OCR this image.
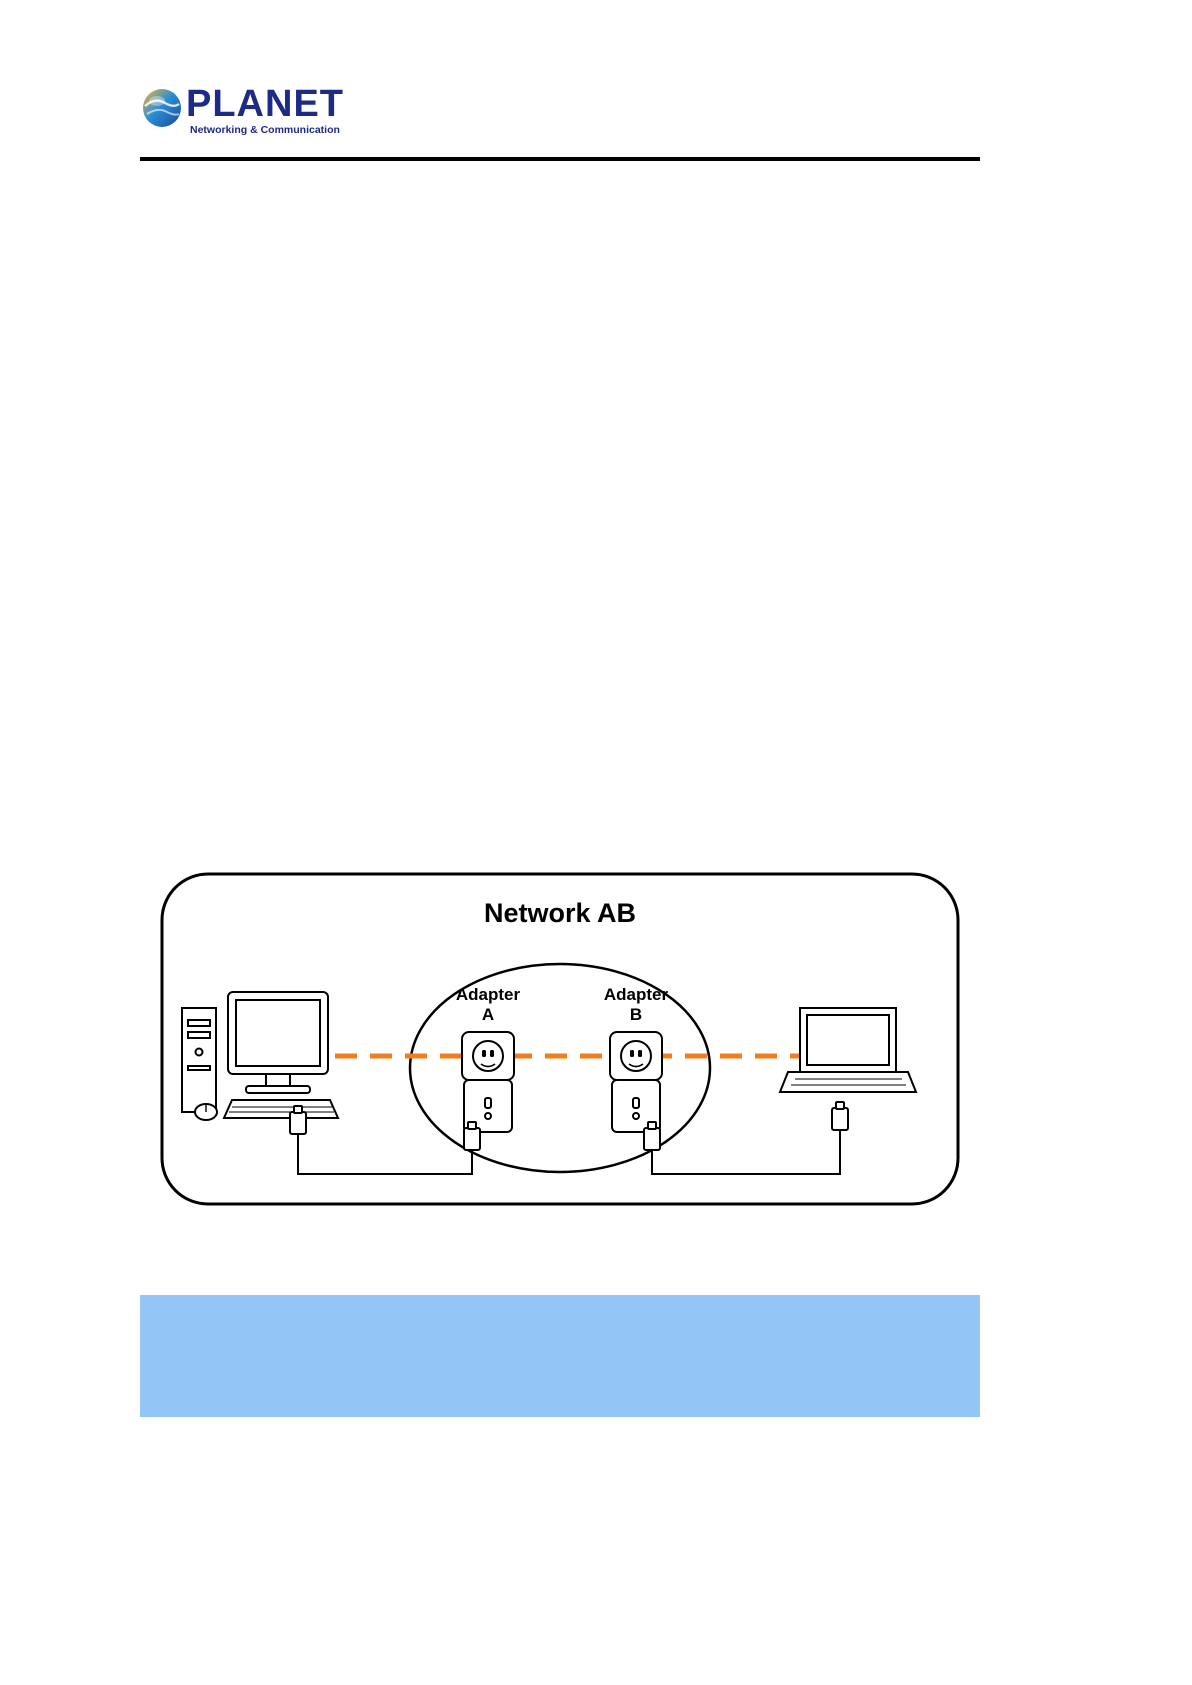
PLANET
Networking & Communication
Network AB
Adapter
A
Adapter
B
